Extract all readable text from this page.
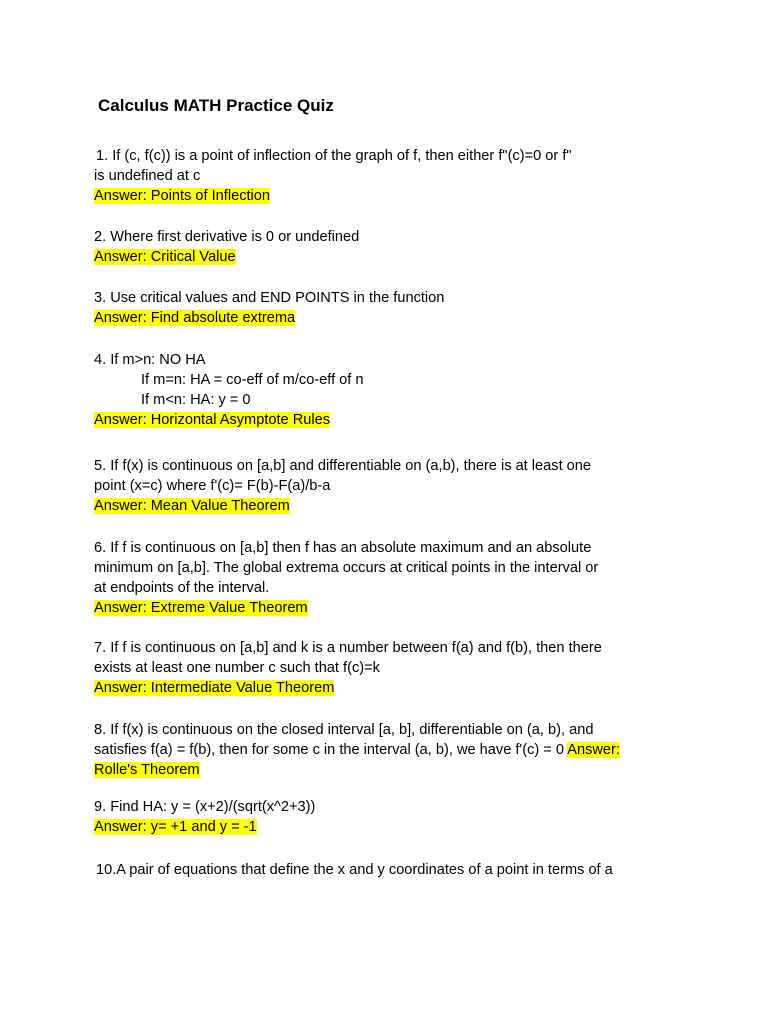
Calculus MATH Practice Quiz
1. If (c, f(c)) is a point of inflection of the graph of f, then either f"(c)=0 or f"
is undefined at c
Answer: Points of Inflection
2. Where first derivative is 0 or undefined
Answer: Critical Value
3. Use critical values and END POINTS in the function
Answer: Find absolute extrema
4. If m>n: NO HA
If m=n: HA = co-eff of m/co-eff of n
If m<n: HA: y = 0
Answer: Horizontal Asymptote Rules
5. If f(x) is continuous on [a,b] and differentiable on (a,b), there is at least one
point (x=c) where f'(c)= F(b)-F(a)/b-a
Answer: Mean Value Theorem
6. If f is continuous on [a,b] then f has an absolute maximum and an absolute
minimum on [a,b]. The global extrema occurs at critical points in the interval or
at endpoints of the interval.
Answer: Extreme Value Theorem
7. If f is continuous on [a,b] and k is a number between f(a) and f(b), then there
exists at least one number c such that f(c)=k
Answer: Intermediate Value Theorem
8. If f(x) is continuous on the closed interval [a, b], differentiable on (a, b), and
satisfies f(a) = f(b), then for some c in the interval (a, b), we have f'(c) = 0 Answer:
Rolle's Theorem
9. Find HA: y = (x+2)/(sqrt(x^2+3))
Answer: y= +1 and y = -1
10.A pair of equations that define the x and y coordinates of a point in terms of a
